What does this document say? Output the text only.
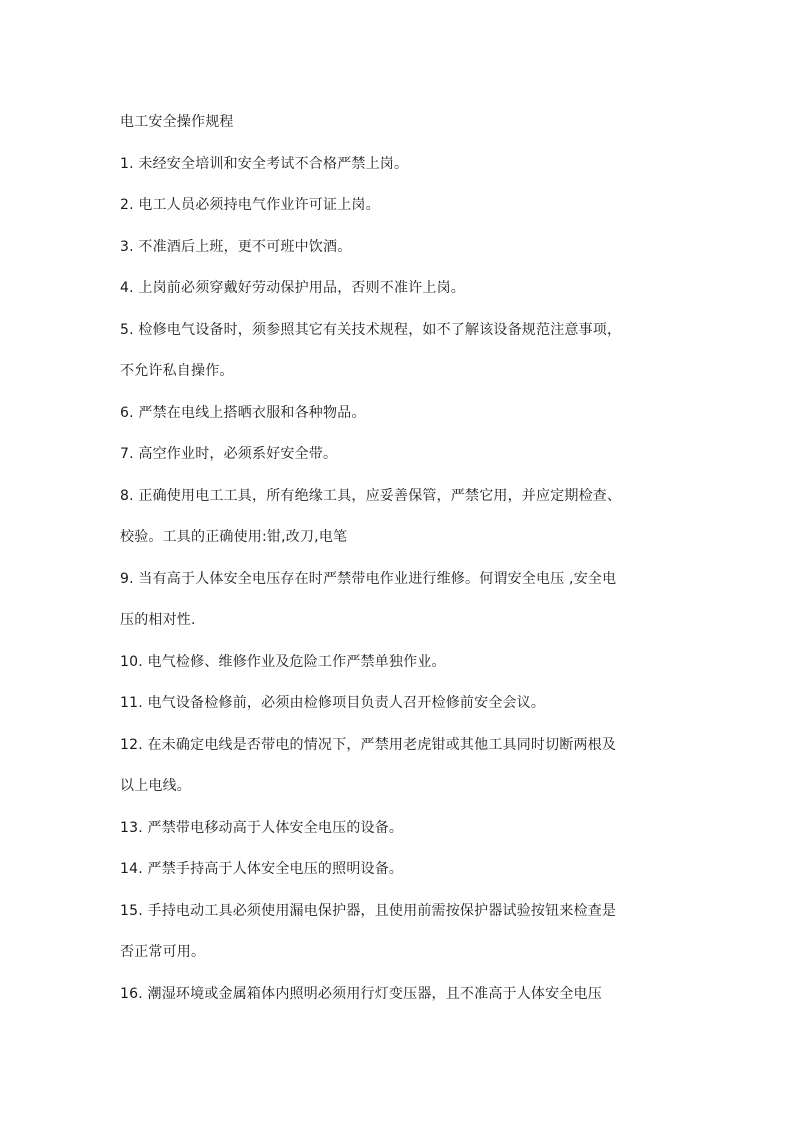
电工安全操作规程
1. 未经安全培训和安全考试不合格严禁上岗。
2. 电工人员必须持电气作业许可证上岗。
3. 不准酒后上班，更不可班中饮酒。
4. 上岗前必须穿戴好劳动保护用品，否则不准许上岗。
5. 检修电气设备时，须参照其它有关技术规程，如不了解该设备规范注意事项，
不允许私自操作。
6. 严禁在电线上搭晒衣服和各种物品。
7. 高空作业时，必须系好安全带。
8. 正确使用电工工具，所有绝缘工具，应妥善保管，严禁它用，并应定期检查、
校验。工具的正确使用:钳,改刀,电笔
9. 当有高于人体安全电压存在时严禁带电作业进行维修。何谓安全电压 ,安全电
压的相对性.
10. 电气检修、维修作业及危险工作严禁单独作业。
11. 电气设备检修前，必须由检修项目负责人召开检修前安全会议。
12. 在未确定电线是否带电的情况下，严禁用老虎钳或其他工具同时切断两根及
以上电线。
13. 严禁带电移动高于人体安全电压的设备。
14. 严禁手持高于人体安全电压的照明设备。
15. 手持电动工具必须使用漏电保护器，且使用前需按保护器试验按钮来检查是
否正常可用。
16. 潮湿环境或金属箱体内照明必须用行灯变压器，且不准高于人体安全电压
